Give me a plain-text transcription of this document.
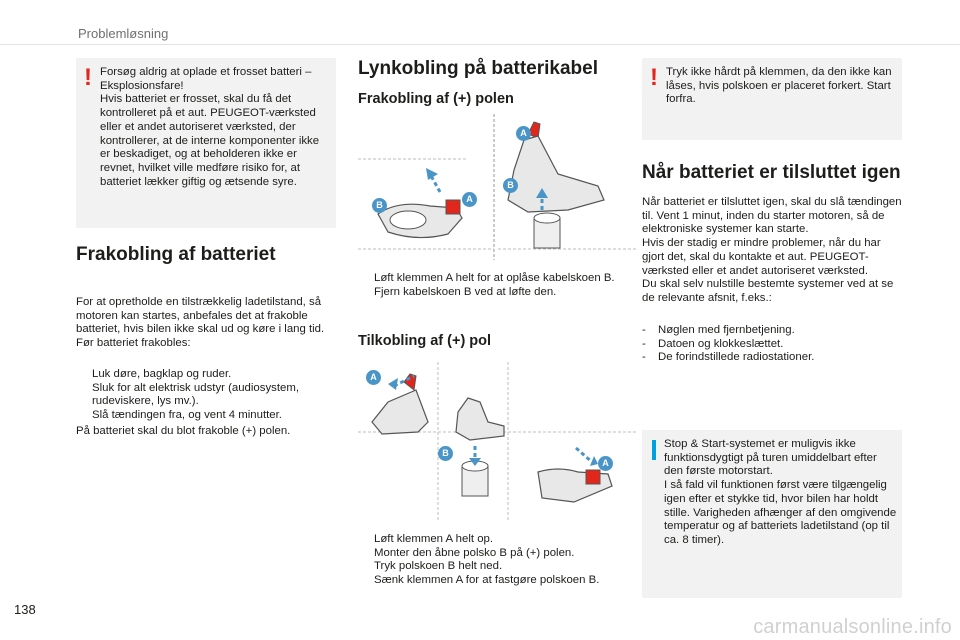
Problemløsning
! Forsøg aldrig at oplade et frosset batteri – Eksplosionsfare!
Hvis batteriet er frosset, skal du få det kontrolleret på et aut. PEUGEOT-værksted eller et andet autoriseret værksted, der kontrollerer, at de interne komponenter ikke er beskadiget, og at beholderen ikke er revnet, hvilket ville medføre risiko for, at batteriet lækker giftig og ætsende syre.
Frakobling af batteriet
For at opretholde en tilstrækkelig ladetilstand, så motoren kan startes, anbefales det at frakoble batteriet, hvis bilen ikke skal ud og køre i lang tid.
Før batteriet frakobles:
Luk døre, bagklap og ruder.
Sluk for alt elektrisk udstyr (audiosystem, rudeviskere, lys mv.).
Slå tændingen fra, og vent 4 minutter.
På batteriet skal du blot frakoble (+) polen.
Lynkobling på batterikabel
Frakobling af (+) polen
A
B
A
B
Løft klemmen A helt for at oplåse kabelskoen B.
Fjern kabelskoen B ved at løfte den.
Tilkobling af (+) pol
A
B
A
Løft klemmen A helt op.
Monter den åbne polsko B på (+) polen.
Tryk polskoen B helt ned.
Sænk klemmen A for at fastgøre polskoen B.
! Tryk ikke hårdt på klemmen, da den ikke kan låses, hvis polskoen er placeret forkert. Start forfra.
Når batteriet er tilsluttet igen
Når batteriet er tilsluttet igen, skal du slå tændingen til. Vent 1 minut, inden du starter motoren, så de elektroniske systemer kan starte.
Hvis der stadig er mindre problemer, når du har gjort det, skal du kontakte et aut. PEUGEOT-værksted eller et andet autoriseret værksted.
Du skal selv nulstille bestemte systemer ved at se de relevante afsnit, f.eks.:
- Nøglen med fjernbetjening.
- Datoen og klokkeslættet.
- De forindstillede radiostationer.
Stop & Start-systemet er muligvis ikke funktionsdygtigt på turen umiddelbart efter den første motorstart.
I så fald vil funktionen først være tilgængelig igen efter et stykke tid, hvor bilen har holdt stille. Varigheden afhænger af den omgivende temperatur og af batteriets ladetilstand (op til ca. 8 timer).
138
carmanualsonline.info
